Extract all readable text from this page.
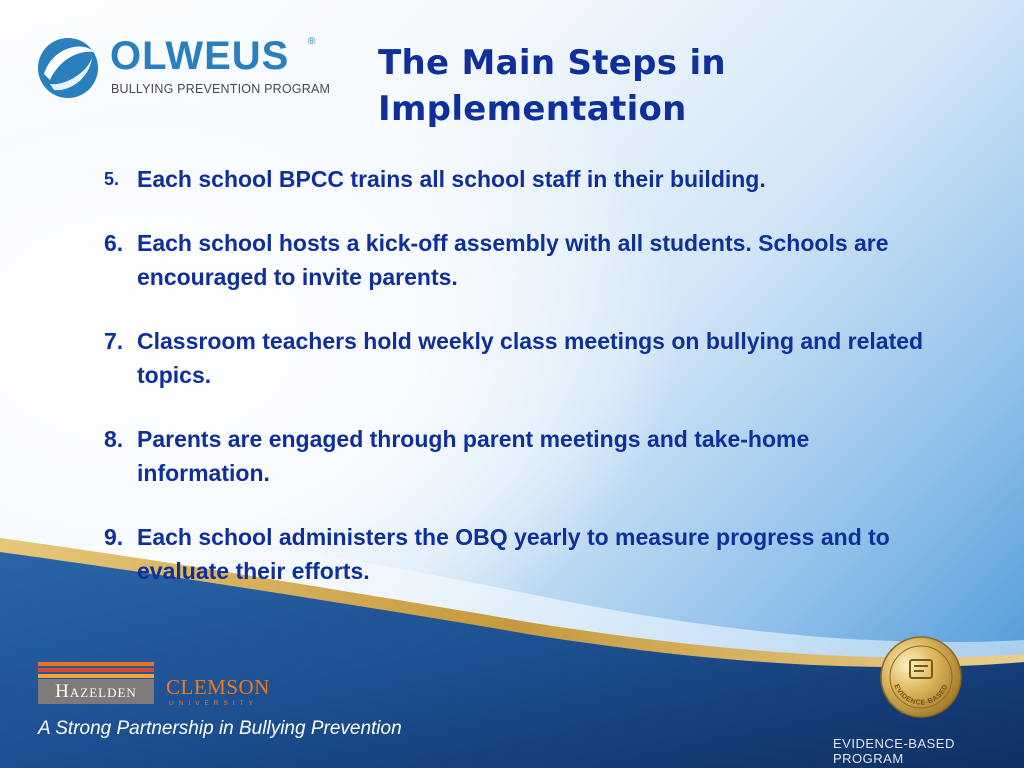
OLWEUS ®
BULLYING PREVENTION PROGRAM
The Main Steps in
Implementation
5. Each school BPCC trains all school staff in their building.
6. Each school hosts a kick-off assembly with all students. Schools are encouraged to invite parents.
7. Classroom teachers hold weekly class meetings on bullying and related topics.
8. Parents are engaged through parent meetings and take-home information.
9. Each school administers the OBQ yearly to measure progress and to evaluate their efforts.
Hazelden	CLEMSON
UNIVERSITY
A Strong Partnership in Bullying Prevention
EVIDENCE-BASED
EVIDENCE-BASED PROGRAM
